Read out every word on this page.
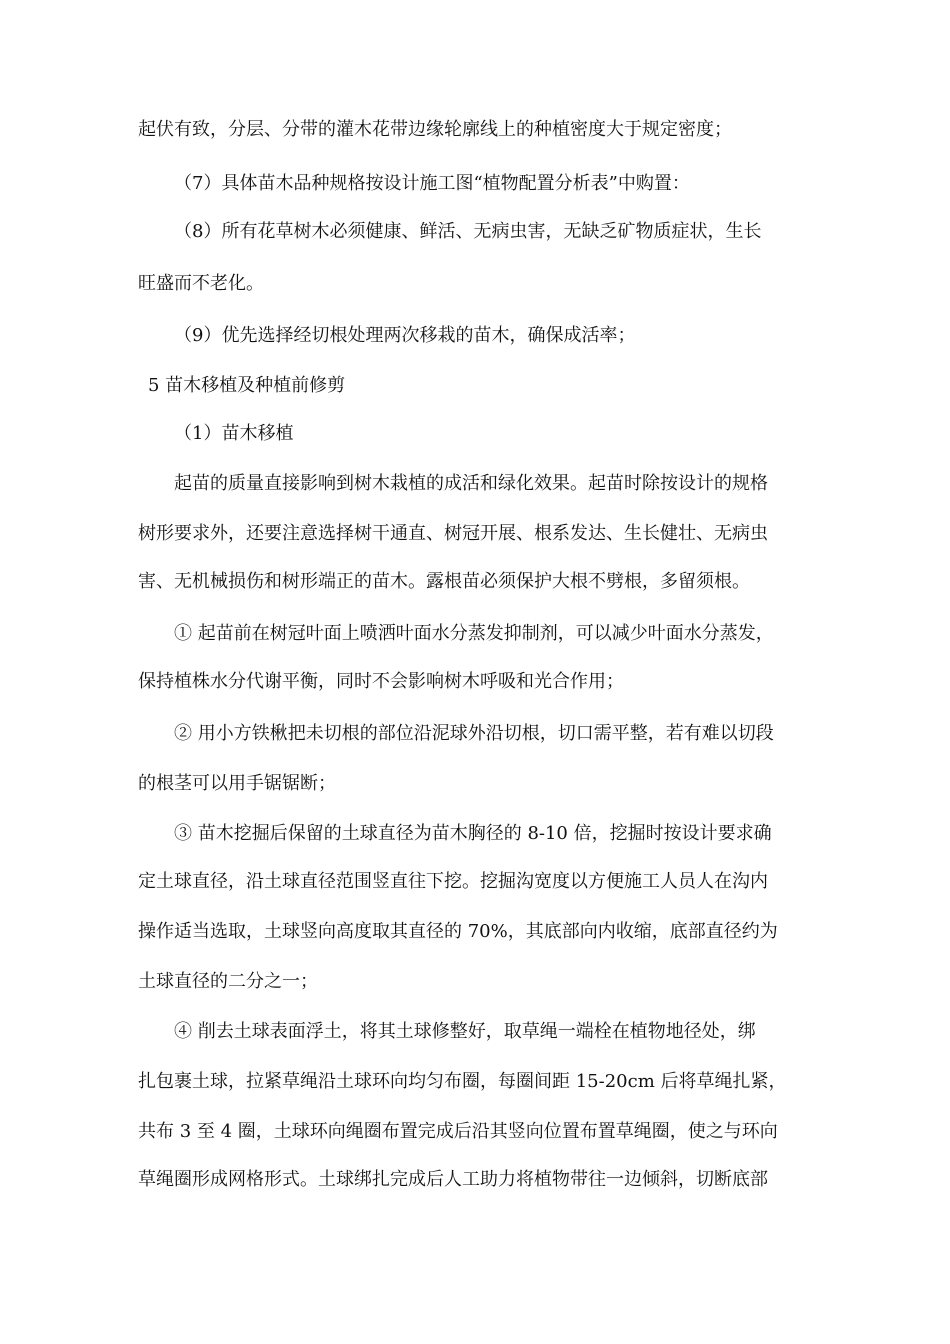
起伏有致，分层、分带的灌木花带边缘轮廓线上的种植密度大于规定密度；
（7）具体苗木品种规格按设计施工图“植物配置分析表”中购置：
（8）所有花草树木必须健康、鲜活、无病虫害，无缺乏矿物质症状，生长
旺盛而不老化。
（9）优先选择经切根处理两次移栽的苗木，确保成活率；
5 苗木移植及种植前修剪
（1）苗木移植
起苗的质量直接影响到树木栽植的成活和绿化效果。起苗时除按设计的规格
树形要求外，还要注意选择树干通直、树冠开展、根系发达、生长健壮、无病虫
害、无机械损伤和树形端正的苗木。露根苗必须保护大根不劈根，多留须根。
① 起苗前在树冠叶面上喷洒叶面水分蒸发抑制剂，可以减少叶面水分蒸发，
保持植株水分代谢平衡，同时不会影响树木呼吸和光合作用；
② 用小方铁楸把未切根的部位沿泥球外沿切根，切口需平整，若有难以切段
的根茎可以用手锯锯断；
③ 苗木挖掘后保留的土球直径为苗木胸径的 8-10 倍，挖掘时按设计要求确
定土球直径，沿土球直径范围竖直往下挖。挖掘沟宽度以方便施工人员人在沟内
操作适当选取，土球竖向高度取其直径的 70%，其底部向内收缩，底部直径约为
土球直径的二分之一；
④ 削去土球表面浮土，将其土球修整好，取草绳一端栓在植物地径处，绑
扎包裹土球，拉紧草绳沿土球环向均匀布圈，每圈间距 15-20cm 后将草绳扎紧，
共布 3 至 4 圈，土球环向绳圈布置完成后沿其竖向位置布置草绳圈，使之与环向
草绳圈形成网格形式。土球绑扎完成后人工助力将植物带往一边倾斜，切断底部
